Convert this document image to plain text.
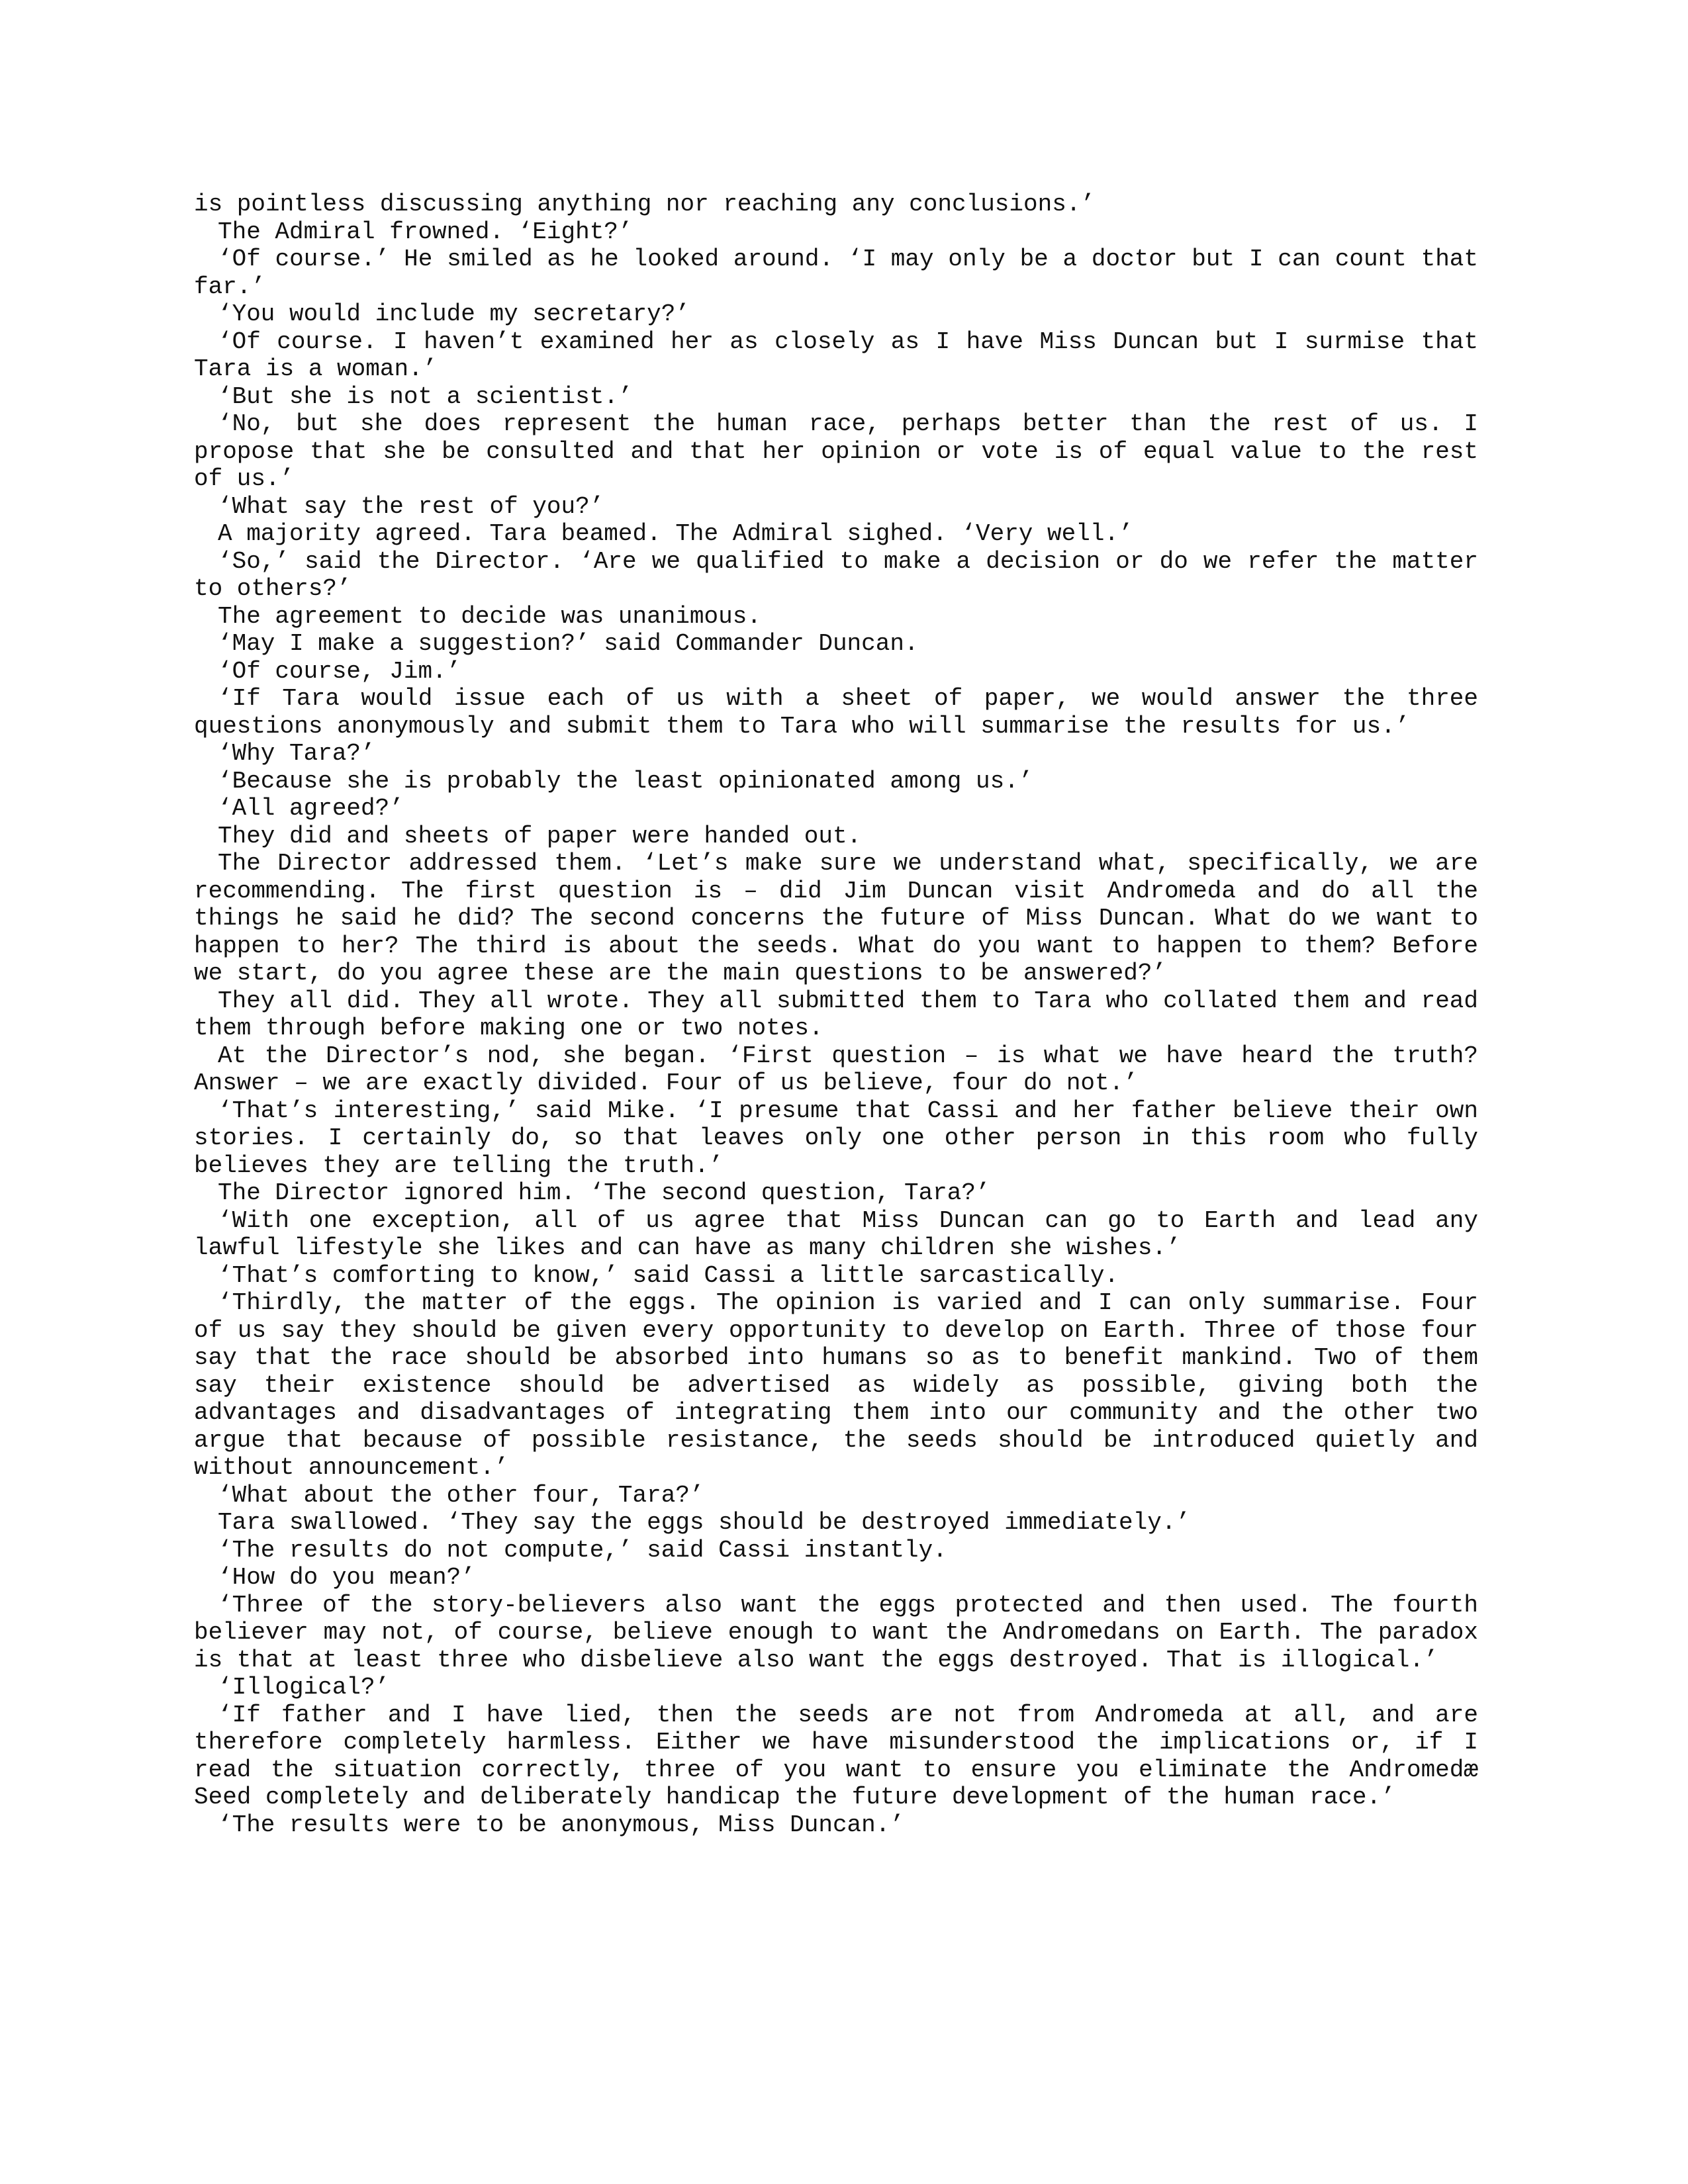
is pointless discussing anything nor reaching any conclusions.’

The Admiral frowned. ‘Eight?’

‘Of course.’ He smiled as he looked around. ‘I may only be a doctor but I can count that far.’

‘You would include my secretary?’

‘Of course. I haven’t examined her as closely as I have Miss Duncan but I surmise that Tara is a woman.’

‘But she is not a scientist.’

‘No, but she does represent the human race, perhaps better than the rest of us. I propose that she be consulted and that her opinion or vote is of equal value to the rest of us.’

‘What say the rest of you?’

A majority agreed. Tara beamed. The Admiral sighed. ‘Very well.’

‘So,’ said the Director. ‘Are we qualified to make a decision or do we refer the matter to others?’

The agreement to decide was unanimous.

‘May I make a suggestion?’ said Commander Duncan.

‘Of course, Jim.’

‘If Tara would issue each of us with a sheet of paper, we would answer the three questions anonymously and submit them to Tara who will summarise the results for us.’

‘Why Tara?’

‘Because she is probably the least opinionated among us.’

‘All agreed?’

They did and sheets of paper were handed out.

The Director addressed them. ‘Let’s make sure we understand what, specifically, we are recommending. The first question is – did Jim Duncan visit Andromeda and do all the things he said he did? The second concerns the future of Miss Duncan. What do we want to happen to her? The third is about the seeds. What do you want to happen to them? Before we start, do you agree these are the main questions to be answered?’

They all did. They all wrote. They all submitted them to Tara who collated them and read them through before making one or two notes.

At the Director’s nod, she began. ‘First question – is what we have heard the truth? Answer – we are exactly divided. Four of us believe, four do not.’

‘That’s interesting,’ said Mike. ‘I presume that Cassi and her father believe their own stories. I certainly do, so that leaves only one other person in this room who fully believes they are telling the truth.’

The Director ignored him. ‘The second question, Tara?’

‘With one exception, all of us agree that Miss Duncan can go to Earth and lead any lawful lifestyle she likes and can have as many children she wishes.’

‘That’s comforting to know,’ said Cassi a little sarcastically.

‘Thirdly, the matter of the eggs. The opinion is varied and I can only summarise. Four of us say they should be given every opportunity to develop on Earth. Three of those four say that the race should be absorbed into humans so as to benefit mankind. Two of them say their existence should be advertised as widely as possible, giving both the advantages and disadvantages of integrating them into our community and the other two argue that because of possible resistance, the seeds should be introduced quietly and without announcement.’

‘What about the other four, Tara?’

Tara swallowed. ‘They say the eggs should be destroyed immediately.’

‘The results do not compute,’ said Cassi instantly.

‘How do you mean?’

‘Three of the story-believers also want the eggs protected and then used. The fourth believer may not, of course, believe enough to want the Andromedans on Earth. The paradox is that at least three who disbelieve also want the eggs destroyed. That is illogical.’

‘Illogical?’

‘If father and I have lied, then the seeds are not from Andromeda at all, and are therefore completely harmless. Either we have misunderstood the implications or, if I read the situation correctly, three of you want to ensure you eliminate the Andromedæ Seed completely and deliberately handicap the future development of the human race.’

‘The results were to be anonymous, Miss Duncan.’
